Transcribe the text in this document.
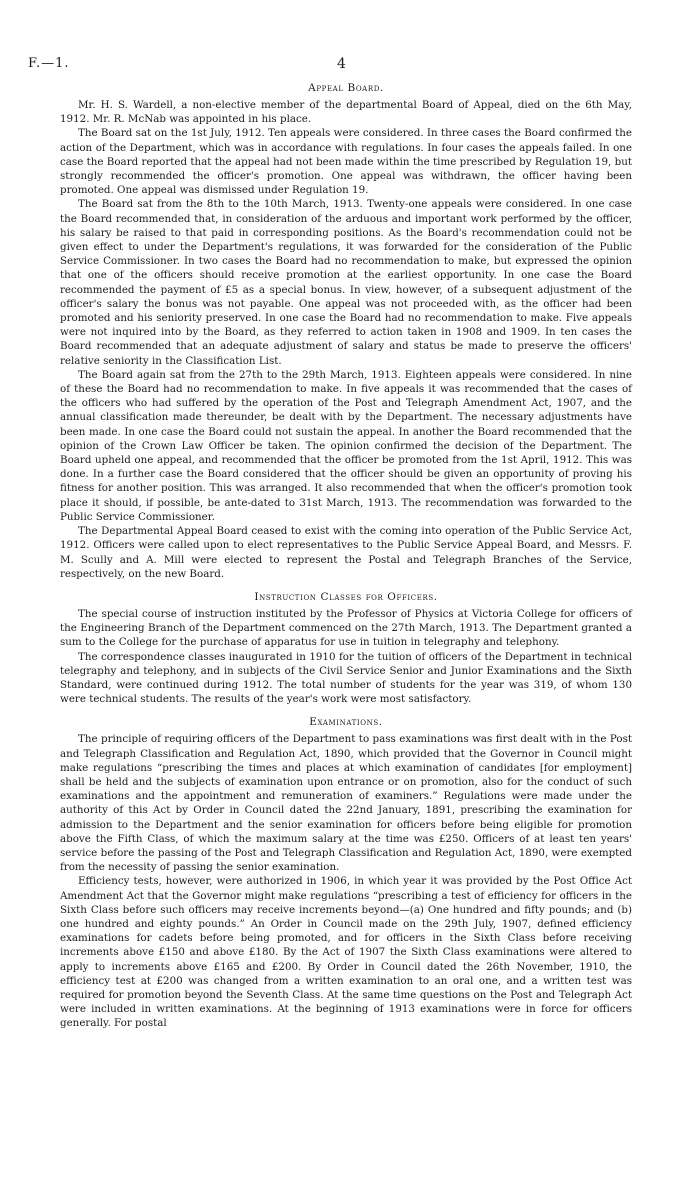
F.—1.	4
Appeal Board.

Mr. H. S. Wardell, a non-elective member of the departmental Board of Appeal, died on the 6th May, 1912. Mr. R. McNab was appointed in his place.

The Board sat on the 1st July, 1912. Ten appeals were considered. In three cases the Board confirmed the action of the Department, which was in accordance with regulations. In four cases the appeals failed. In one case the Board reported that the appeal had not been made within the time prescribed by Regulation 19, but strongly recommended the officer's promotion. One appeal was withdrawn, the officer having been promoted. One appeal was dismissed under Regulation 19.

The Board sat from the 8th to the 10th March, 1913. Twenty-one appeals were considered. In one case the Board recommended that, in consideration of the arduous and important work performed by the officer, his salary be raised to that paid in corresponding positions. As the Board's recommendation could not be given effect to under the Department's regulations, it was forwarded for the consideration of the Public Service Commissioner. In two cases the Board had no recommendation to make, but expressed the opinion that one of the officers should receive promotion at the earliest opportunity. In one case the Board recommended the payment of £5 as a special bonus. In view, however, of a subsequent adjustment of the officer's salary the bonus was not payable. One appeal was not proceeded with, as the officer had been promoted and his seniority preserved. In one case the Board had no recommendation to make. Five appeals were not inquired into by the Board, as they referred to action taken in 1908 and 1909. In ten cases the Board recommended that an adequate adjustment of salary and status be made to preserve the officers' relative seniority in the Classification List.

The Board again sat from the 27th to the 29th March, 1913. Eighteen appeals were considered. In nine of these the Board had no recommendation to make. In five appeals it was recommended that the cases of the officers who had suffered by the operation of the Post and Telegraph Amendment Act, 1907, and the annual classification made thereunder, be dealt with by the Department. The necessary adjustments have been made. In one case the Board could not sustain the appeal. In another the Board recommended that the opinion of the Crown Law Officer be taken. The opinion confirmed the decision of the Department. The Board upheld one appeal, and recommended that the officer be promoted from the 1st April, 1912. This was done. In a further case the Board considered that the officer should be given an opportunity of proving his fitness for another position. This was arranged. It also recommended that when the officer's promotion took place it should, if possible, be ante-dated to 31st March, 1913. The recommendation was forwarded to the Public Service Commissioner.

The Departmental Appeal Board ceased to exist with the coming into operation of the Public Service Act, 1912. Officers were called upon to elect representatives to the Public Service Appeal Board, and Messrs. F. M. Scully and A. Mill were elected to represent the Postal and Telegraph Branches of the Service, respectively, on the new Board.

Instruction Classes for Officers.

The special course of instruction instituted by the Professor of Physics at Victoria College for officers of the Engineering Branch of the Department commenced on the 27th March, 1913. The Department granted a sum to the College for the purchase of apparatus for use in tuition in telegraphy and telephony.

The correspondence classes inaugurated in 1910 for the tuition of officers of the Department in technical telegraphy and telephony, and in subjects of the Civil Service Senior and Junior Examinations and the Sixth Standard, were continued during 1912. The total number of students for the year was 319, of whom 130 were technical students. The results of the year's work were most satisfactory.

Examinations.

The principle of requiring officers of the Department to pass examinations was first dealt with in the Post and Telegraph Classification and Regulation Act, 1890, which provided that the Governor in Council might make regulations “prescribing the times and places at which examination of candidates [for employment] shall be held and the subjects of examination upon entrance or on promotion, also for the conduct of such examinations and the appointment and remuneration of examiners.” Regulations were made under the authority of this Act by Order in Council dated the 22nd January, 1891, prescribing the examination for admission to the Department and the senior examination for officers before being eligible for promotion above the Fifth Class, of which the maximum salary at the time was £250. Officers of at least ten years' service before the passing of the Post and Telegraph Classification and Regulation Act, 1890, were exempted from the necessity of passing the senior examination.

Efficiency tests, however, were authorized in 1906, in which year it was provided by the Post Office Act Amendment Act that the Governor might make regulations “prescribing a test of efficiency for officers in the Sixth Class before such officers may receive increments beyond—(a) One hundred and fifty pounds; and (b) one hundred and eighty pounds.” An Order in Council made on the 29th July, 1907, defined efficiency examinations for cadets before being promoted, and for officers in the Sixth Class before receiving increments above £150 and above £180. By the Act of 1907 the Sixth Class examinations were altered to apply to increments above £165 and £200. By Order in Council dated the 26th November, 1910, the efficiency test at £200 was changed from a written examination to an oral one, and a written test was required for promotion beyond the Seventh Class. At the same time questions on the Post and Telegraph Act were included in written examinations. At the beginning of 1913 examinations were in force for officers generally. For postal
